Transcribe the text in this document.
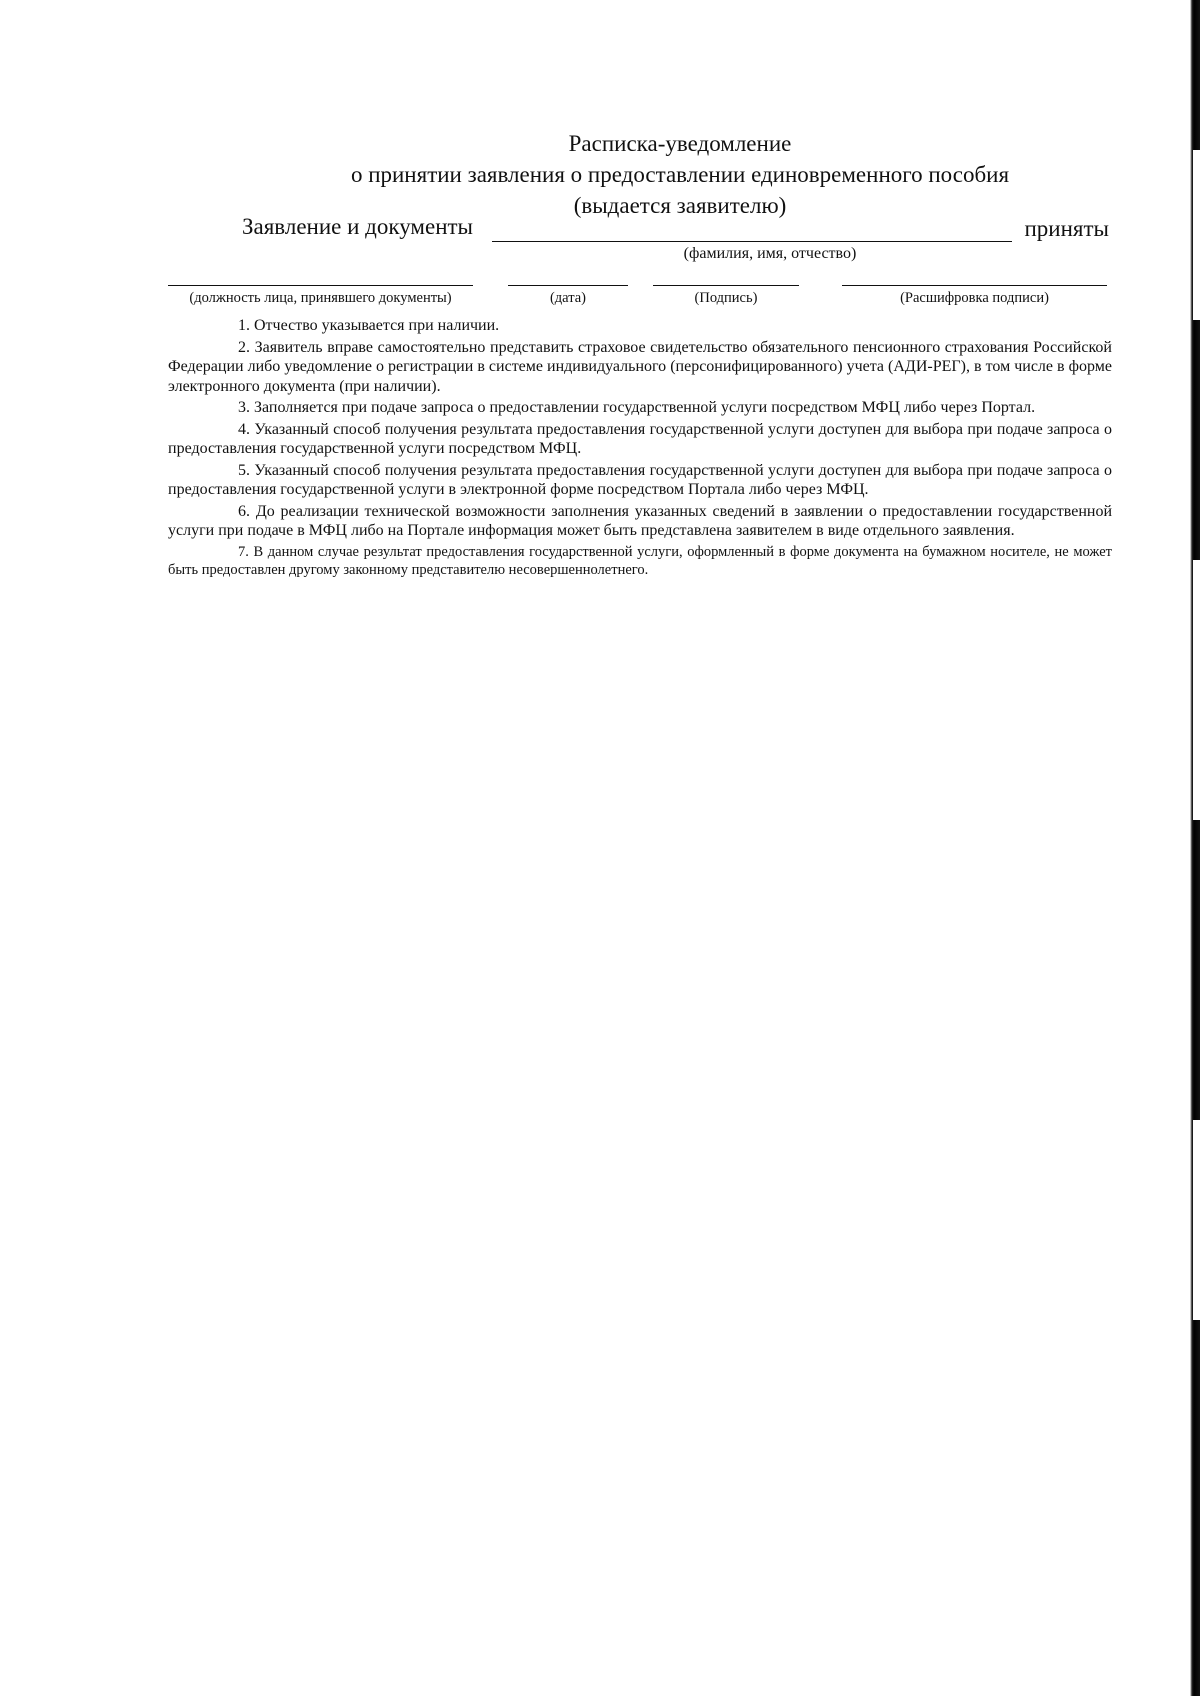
Расписка-уведомление
о принятии заявления о предоставлении единовременного пособия
(выдается заявителю)
Заявление и документы	приняты
(фамилия, имя, отчество)
(должность лица, принявшего документы)	(дата)	(Подпись)	(Расшифровка подписи)

1. Отчество указывается при наличии.

2. Заявитель вправе самостоятельно представить страховое свидетельство обязательного пенсионного страхования Российской Федерации либо уведомление о регистрации в системе индивидуального (персонифицированного) учета (АДИ-РЕГ), в том числе в форме электронного документа (при наличии).

3. Заполняется при подаче запроса о предоставлении государственной услуги посредством МФЦ либо через Портал.

4. Указанный способ получения результата предоставления государственной услуги доступен для выбора при подаче запроса о предоставления государственной услуги посредством МФЦ.

5. Указанный способ получения результата предоставления государственной услуги доступен для выбора при подаче запроса о предоставления государственной услуги в электронной форме посредством Портала либо через МФЦ.

6. До реализации технической возможности заполнения указанных сведений в заявлении о предоставлении государственной услуги при подаче в МФЦ либо на Портале информация может быть представлена заявителем в виде отдельного заявления.

7. В данном случае результат предоставления государственной услуги, оформленный в форме документа на бумажном носителе, не может быть предоставлен другому законному представителю несовершеннолетнего.
